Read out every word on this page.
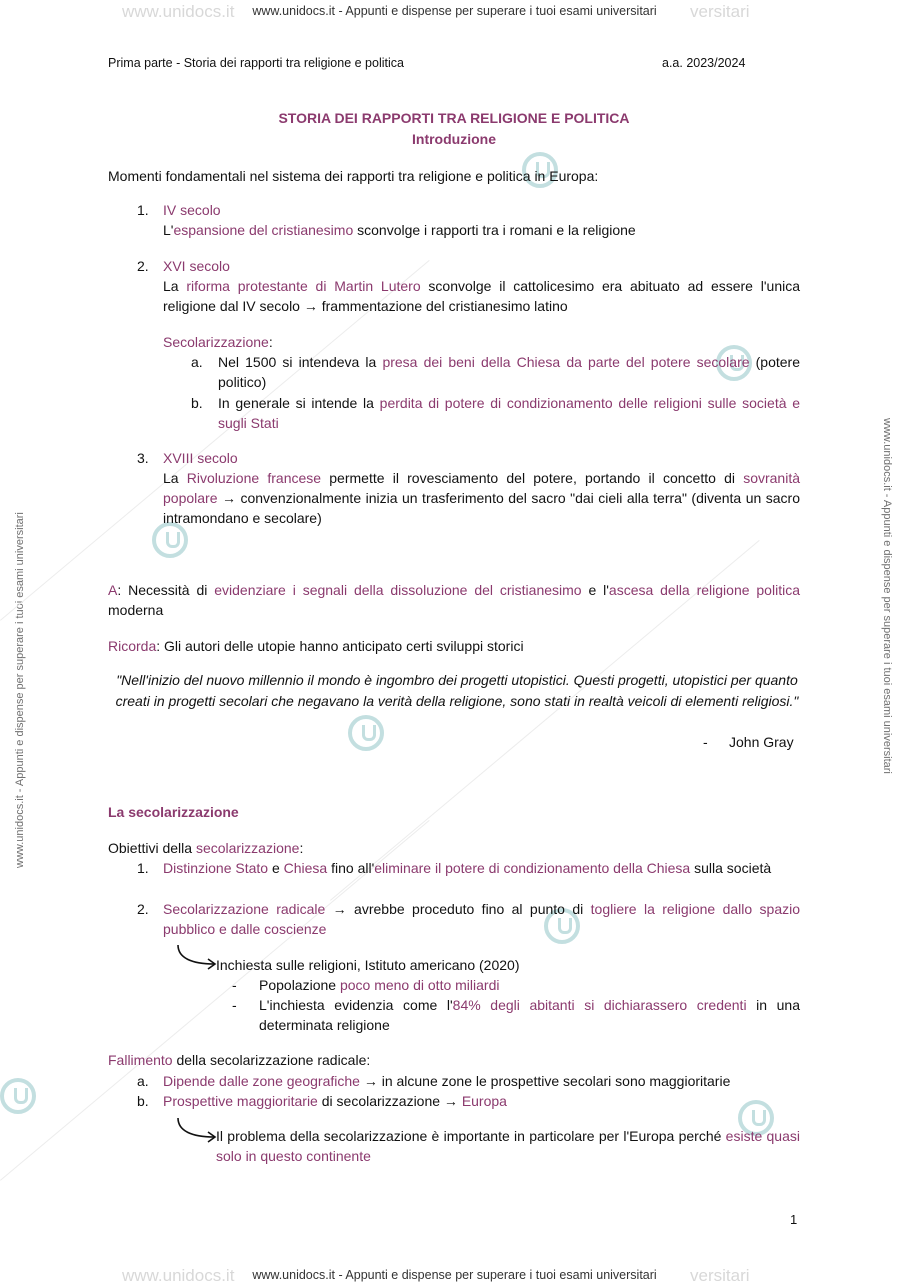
www.unidocs.it	versitari
www.unidocs.it - Appunti e dispense per superare i tuoi esami universitari
www.unidocs.it	versitari
www.unidocs.it - Appunti e dispense per superare i tuoi esami universitari
www.unidocs.it - Appunti e dispense per superare i tuoi esami universitari	www.unidocs.it - Appunti e dispense per superare i tuoi esami universitari
Prima parte - Storia dei rapporti tra religione e politica	a.a. 2023/2024
STORIA DEI RAPPORTI TRA RELIGIONE E POLITICA
Introduzione
Momenti fondamentali nel sistema dei rapporti tra religione e politica in Europa:
1. IV secolo
L'espansione del cristianesimo sconvolge i rapporti tra i romani e la religione
2. XVI secolo
La riforma protestante di Martin Lutero sconvolge il cattolicesimo era abituato ad essere l'unica religione dal IV secolo → frammentazione del cristianesimo latino
Secolarizzazione:
a. Nel 1500 si intendeva la presa dei beni della Chiesa da parte del potere secolare (potere politico)
b. In generale si intende la perdita di potere di condizionamento delle religioni sulle società e sugli Stati
3. XVIII secolo
La Rivoluzione francese permette il rovesciamento del potere, portando il concetto di sovranità popolare → convenzionalmente inizia un trasferimento del sacro "dai cieli alla terra" (diventa un sacro intramondano e secolare)
A: Necessità di evidenziare i segnali della dissoluzione del cristianesimo e l'ascesa della religione politica moderna
Ricorda: Gli autori delle utopie hanno anticipato certi sviluppi storici
"Nell'inizio del nuovo millennio il mondo è ingombro dei progetti utopistici. Questi progetti, utopistici per quanto creati in progetti secolari che negavano la verità della religione, sono stati in realtà veicoli di elementi religiosi."
- John Gray
La secolarizzazione
Obiettivi della secolarizzazione:
1. Distinzione Stato e Chiesa fino all'eliminare il potere di condizionamento della Chiesa sulla società
2. Secolarizzazione radicale → avrebbe proceduto fino al punto di togliere la religione dallo spazio pubblico e dalle coscienze
Inchiesta sulle religioni, Istituto americano (2020)
- Popolazione poco meno di otto miliardi
- L'inchiesta evidenzia come l'84% degli abitanti si dichiarassero credenti in una determinata religione
Fallimento della secolarizzazione radicale:
a. Dipende dalle zone geografiche → in alcune zone le prospettive secolari sono maggioritarie
b. Prospettive maggioritarie di secolarizzazione → Europa
Il problema della secolarizzazione è importante in particolare per l'Europa perché esiste quasi solo in questo continente
1
